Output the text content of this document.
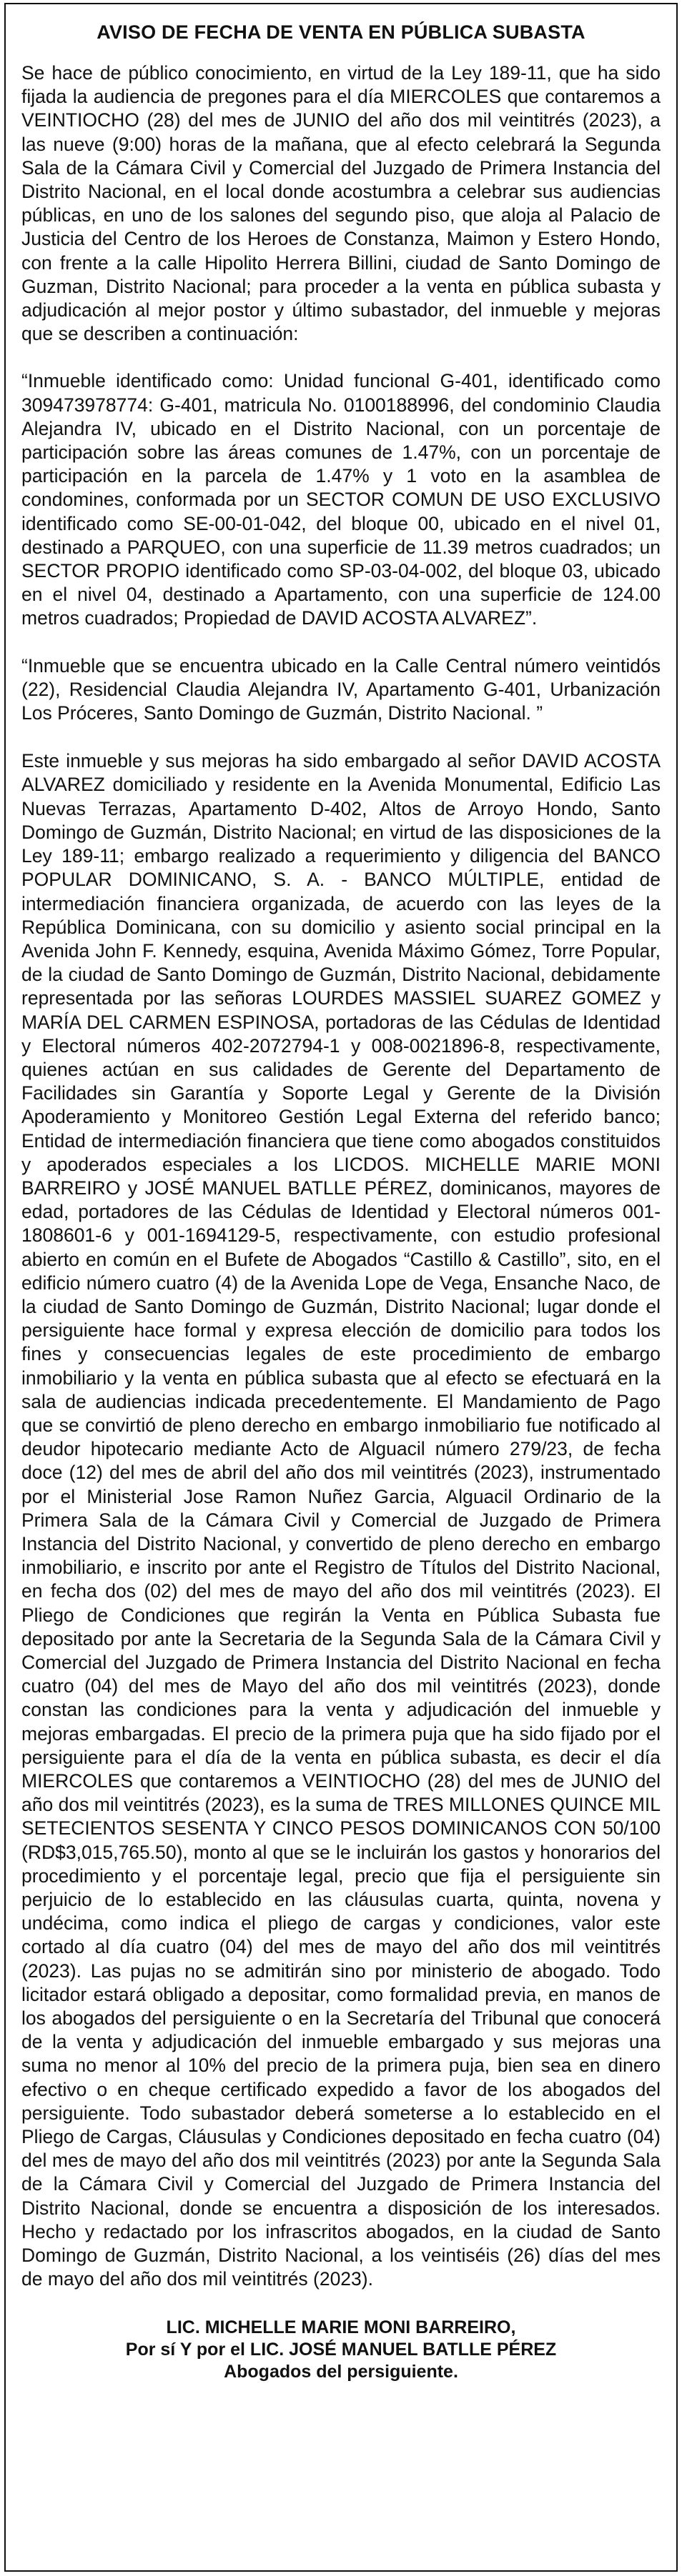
AVISO DE FECHA DE VENTA EN PÚBLICA SUBASTA
Se hace de público conocimiento, en virtud de la Ley 189-11, que ha sido fijada la audiencia de pregones para el día MIERCOLES que contaremos a VEINTIOCHO (28) del mes de JUNIO del año dos mil veintitrés (2023), a las nueve (9:00) horas de la mañana, que al efecto celebrará la Segunda Sala de la Cámara Civil y Comercial del Juzgado de Primera Instancia del Distrito Nacional, en el local donde acostumbra a celebrar sus audiencias públicas, en uno de los salones del segundo piso, que aloja al Palacio de Justicia del Centro de los Heroes de Constanza, Maimon y Estero Hondo, con frente a la calle Hipolito Herrera Billini, ciudad de Santo Domingo de Guzman, Distrito Nacional; para proceder a la venta en pública subasta y adjudicación al mejor postor y último subastador, del inmueble y mejoras que se describen a continuación:
“Inmueble identificado como: Unidad funcional G-401, identificado como 309473978774: G-401, matricula No. 0100188996, del condominio Claudia Alejandra IV, ubicado en el Distrito Nacional, con un porcentaje de participación sobre las áreas comunes de 1.47%, con un porcentaje de participación en la parcela de 1.47% y 1 voto en la asamblea de condomines, conformada por un SECTOR COMUN DE USO EXCLUSIVO identificado como SE-00-01-042, del bloque 00, ubicado en el nivel 01, destinado a PARQUEO, con una superficie de 11.39 metros cuadrados; un SECTOR PROPIO identificado como SP-03-04-002, del bloque 03, ubicado en el nivel 04, destinado a Apartamento, con una superficie de 124.00 metros cuadrados; Propiedad de DAVID ACOSTA ALVAREZ”.
“Inmueble que se encuentra ubicado en la Calle Central número veintidós (22), Residencial Claudia Alejandra IV, Apartamento G-401, Urbanización Los Próceres, Santo Domingo de Guzmán, Distrito Nacional. ”
Este inmueble y sus mejoras ha sido embargado al señor DAVID ACOSTA ALVAREZ domiciliado y residente en la Avenida Monumental, Edificio Las Nuevas Terrazas, Apartamento D-402, Altos de Arroyo Hondo, Santo Domingo de Guzmán, Distrito Nacional; en virtud de las disposiciones de la Ley 189-11; embargo realizado a requerimiento y diligencia del BANCO POPULAR DOMINICANO, S. A. - BANCO MÚLTIPLE, entidad de intermediación financiera organizada, de acuerdo con las leyes de la República Dominicana, con su domicilio y asiento social principal en la Avenida John F. Kennedy, esquina, Avenida Máximo Gómez, Torre Popular, de la ciudad de Santo Domingo de Guzmán, Distrito Nacional, debidamente representada por las señoras LOURDES MASSIEL SUAREZ GOMEZ y MARÍA DEL CARMEN ESPINOSA, portadoras de las Cédulas de Identidad y Electoral números 402-2072794-1 y 008-0021896-8, respectivamente, quienes actúan en sus calidades de Gerente del Departamento de Facilidades sin Garantía y Soporte Legal y Gerente de la División Apoderamiento y Monitoreo Gestión Legal Externa del referido banco; Entidad de intermediación financiera que tiene como abogados constituidos y apoderados especiales a los LICDOS. MICHELLE MARIE MONI BARREIRO y JOSÉ MANUEL BATLLE PÉREZ, dominicanos, mayores de edad, portadores de las Cédulas de Identidad y Electoral números 001-1808601-6 y 001-1694129-5, respectivamente, con estudio profesional abierto en común en el Bufete de Abogados “Castillo & Castillo”, sito, en el edificio número cuatro (4) de la Avenida Lope de Vega, Ensanche Naco, de la ciudad de Santo Domingo de Guzmán, Distrito Nacional; lugar donde el persiguiente hace formal y expresa elección de domicilio para todos los fines y consecuencias legales de este procedimiento de embargo inmobiliario y la venta en pública subasta que al efecto se efectuará en la sala de audiencias indicada precedentemente. El Mandamiento de Pago que se convirtió de pleno derecho en embargo inmobiliario fue notificado al deudor hipotecario mediante Acto de Alguacil número 279/23, de fecha doce (12) del mes de abril del año dos mil veintitrés (2023), instrumentado por el Ministerial Jose Ramon Nuñez Garcia, Alguacil Ordinario de la Primera Sala de la Cámara Civil y Comercial de Juzgado de Primera Instancia del Distrito Nacional, y convertido de pleno derecho en embargo inmobiliario, e inscrito por ante el Registro de Títulos del Distrito Nacional, en fecha dos (02) del mes de mayo del año dos mil veintitrés (2023). El Pliego de Condiciones que regirán la Venta en Pública Subasta fue depositado por ante la Secretaria de la Segunda Sala de la Cámara Civil y Comercial del Juzgado de Primera Instancia del Distrito Nacional en fecha cuatro (04) del mes de Mayo del año dos mil veintitrés (2023), donde constan las condiciones para la venta y adjudicación del inmueble y mejoras embargadas. El precio de la primera puja que ha sido fijado por el persiguiente para el día de la venta en pública subasta, es decir el día MIERCOLES que contaremos a VEINTIOCHO (28) del mes de JUNIO del año dos mil veintitrés (2023), es la suma de TRES MILLONES QUINCE MIL SETECIENTOS SESENTA Y CINCO PESOS DOMINICANOS CON 50/100 (RD$3,015,765.50), monto al que se le incluirán los gastos y honorarios del procedimiento y el porcentaje legal, precio que fija el persiguiente sin perjuicio de lo establecido en las cláusulas cuarta, quinta, novena y undécima, como indica el pliego de cargas y condiciones, valor este cortado al día cuatro (04) del mes de mayo del año dos mil veintitrés (2023). Las pujas no se admitirán sino por ministerio de abogado. Todo licitador estará obligado a depositar, como formalidad previa, en manos de los abogados del persiguiente o en la Secretaría del Tribunal que conocerá de la venta y adjudicación del inmueble embargado y sus mejoras una suma no menor al 10% del precio de la primera puja, bien sea en dinero efectivo o en cheque certificado expedido a favor de los abogados del persiguiente. Todo subastador deberá someterse a lo establecido en el Pliego de Cargas, Cláusulas y Condiciones depositado en fecha cuatro (04) del mes de mayo del año dos mil veintitrés (2023) por ante la Segunda Sala de la Cámara Civil y Comercial del Juzgado de Primera Instancia del Distrito Nacional, donde se encuentra a disposición de los interesados. Hecho y redactado por los infrascritos abogados, en la ciudad de Santo Domingo de Guzmán, Distrito Nacional, a los veintiséis (26) días del mes de mayo del año dos mil veintitrés (2023).
LIC. MICHELLE MARIE MONI BARREIRO,
Por sí Y por el LIC. JOSÉ MANUEL BATLLE PÉREZ
Abogados del persiguiente.
